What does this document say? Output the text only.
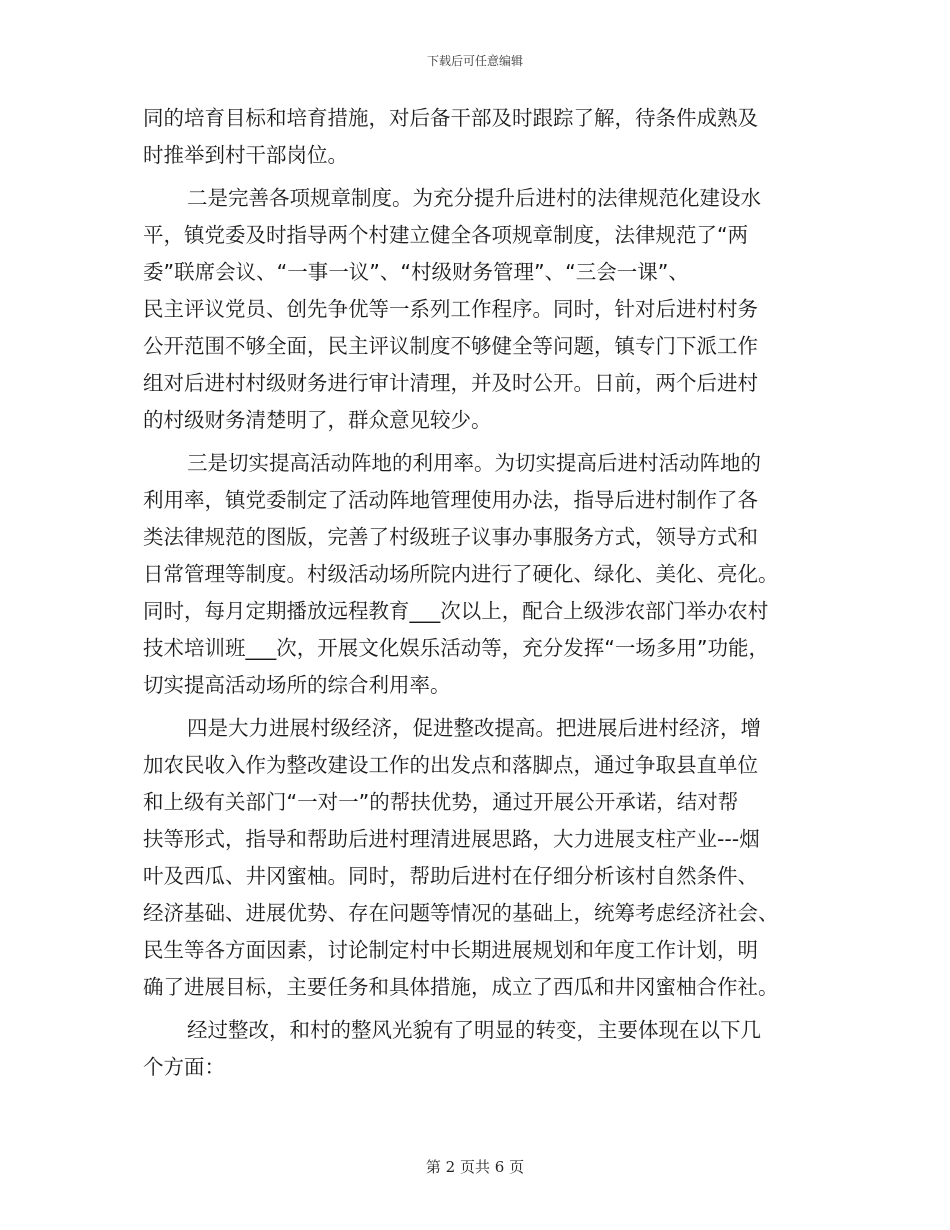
下载后可任意编辑
同的培育目标和培育措施，对后备干部及时跟踪了解，待条件成熟及
时推举到村干部岗位。
二是完善各项规章制度。为充分提升后进村的法律规范化建设水
平，镇党委及时指导两个村建立健全各项规章制度，法律规范了“两
委”联席会议、“一事一议”、“村级财务管理”、“三会一课”、
民主评议党员、创先争优等一系列工作程序。同时，针对后进村村务
公开范围不够全面，民主评议制度不够健全等问题，镇专门下派工作
组对后进村村级财务进行审计清理，并及时公开。日前，两个后进村
的村级财务清楚明了，群众意见较少。
三是切实提高活动阵地的利用率。为切实提高后进村活动阵地的
利用率，镇党委制定了活动阵地管理使用办法，指导后进村制作了各
类法律规范的图版，完善了村级班子议事办事服务方式，领导方式和
日常管理等制度。村级活动场所院内进行了硬化、绿化、美化、亮化。
同时，每月定期播放远程教育___次以上，配合上级涉农部门举办农村
技术培训班___次，开展文化娱乐活动等，充分发挥“一场多用”功能，
切实提高活动场所的综合利用率。
四是大力进展村级经济，促进整改提高。把进展后进村经济，增
加农民收入作为整改建设工作的出发点和落脚点，通过争取县直单位
和上级有关部门“一对一”的帮扶优势，通过开展公开承诺，结对帮
扶等形式，指导和帮助后进村理清进展思路，大力进展支柱产业---烟
叶及西瓜、井冈蜜柚。同时，帮助后进村在仔细分析该村自然条件、
经济基础、进展优势、存在问题等情况的基础上，统筹考虑经济社会、
民生等各方面因素，讨论制定村中长期进展规划和年度工作计划，明
确了进展目标，主要任务和具体措施，成立了西瓜和井冈蜜柚合作社。
经过整改，和村的整风光貌有了明显的转变，主要体现在以下几
个方面：
第 2 页共 6 页
